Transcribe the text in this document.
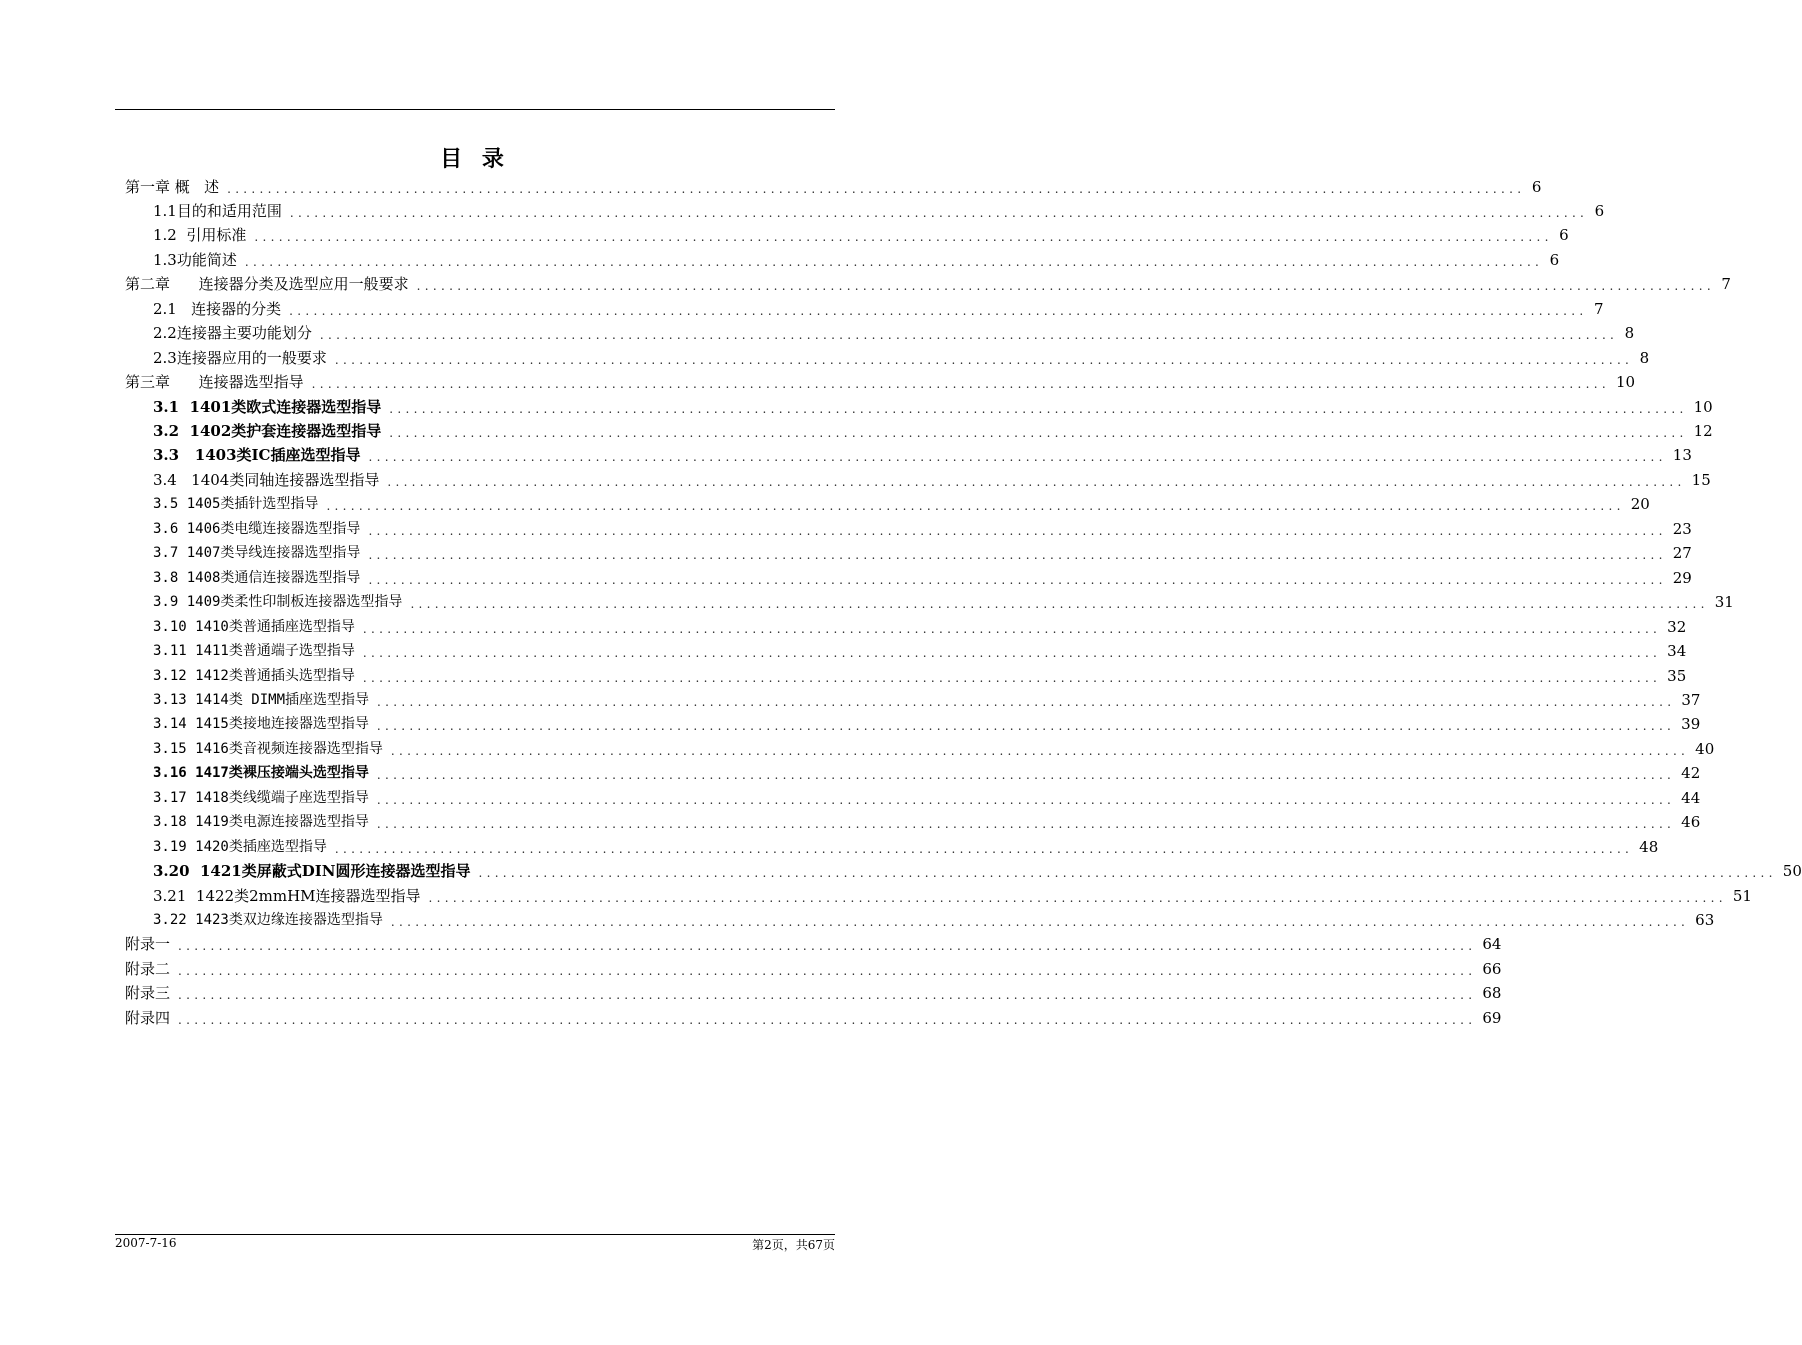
目 录
第一章 概   述 ................................................................................................................................................................ 6
1.1目的和适用范围 ................................................................................................................................................................ 6
1.2  引用标准 ................................................................................................................................................................ 6
1.3功能简述 ................................................................................................................................................................ 6
第二章      连接器分类及选型应用一般要求 ................................................................................................................................................................ 7
2.1   连接器的分类 ................................................................................................................................................................ 7
2.2连接器主要功能划分 ................................................................................................................................................................ 8
2.3连接器应用的一般要求 ................................................................................................................................................................ 8
第三章      连接器选型指导 ................................................................................................................................................................ 10
3.1  1401类欧式连接器选型指导 ................................................................................................................................................................ 10
3.2  1402类护套连接器选型指导 ................................................................................................................................................................ 12
3.3   1403类IC插座选型指导 ................................................................................................................................................................ 13
3.4   1404类同轴连接器选型指导 ................................................................................................................................................................ 15
3.5 1405类插针选型指导 ................................................................................................................................................................ 20
3.6 1406类电缆连接器选型指导 ................................................................................................................................................................ 23
3.7 1407类导线连接器选型指导 ................................................................................................................................................................ 27
3.8 1408类通信连接器选型指导 ................................................................................................................................................................ 29
3.9 1409类柔性印制板连接器选型指导 ................................................................................................................................................................ 31
3.10 1410类普通插座选型指导 ................................................................................................................................................................ 32
3.11 1411类普通端子选型指导 ................................................................................................................................................................ 34
3.12 1412类普通插头选型指导 ................................................................................................................................................................ 35
3.13 1414类 DIMM插座选型指导 ................................................................................................................................................................ 37
3.14 1415类接地连接器选型指导 ................................................................................................................................................................ 39
3.15 1416类音视频连接器选型指导 ................................................................................................................................................................ 40
3.16 1417类裸压接端头选型指导 ................................................................................................................................................................ 42
3.17 1418类线缆端子座选型指导 ................................................................................................................................................................ 44
3.18 1419类电源连接器选型指导 ................................................................................................................................................................ 46
3.19 1420类插座选型指导 ................................................................................................................................................................ 48
3.20  1421类屏蔽式DIN圆形连接器选型指导 ................................................................................................................................................................ 50
3.21  1422类2mmHM连接器选型指导 ................................................................................................................................................................ 51
3.22 1423类双边缘连接器选型指导 ................................................................................................................................................................ 63
附录一 ................................................................................................................................................................ 64
附录二 ................................................................................................................................................................ 66
附录三 ................................................................................................................................................................ 68
附录四 ................................................................................................................................................................ 69
2007-7-16	第2页，共67页
